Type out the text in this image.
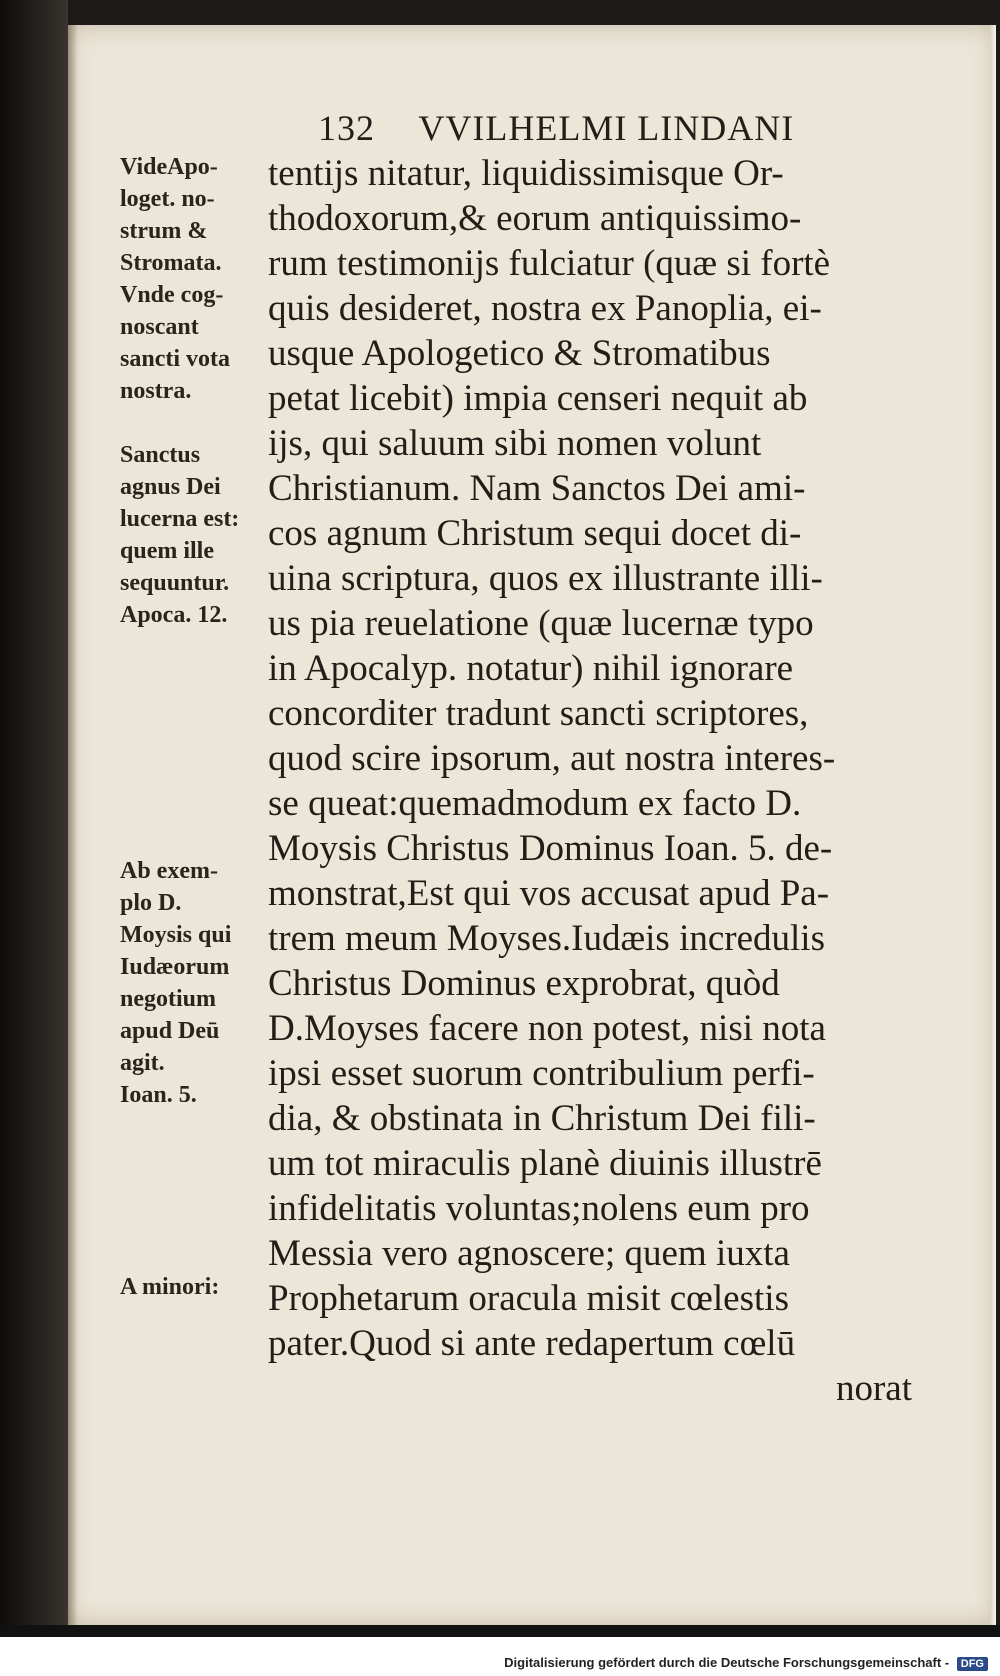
132 VVILHELMI LINDANI
VideApo-
loget. no-
strum &
Stromata.
Vnde cog-
noscant
sancti vota
nostra.
Sanctus
agnus Dei
lucerna est:
quem ille
sequuntur.
Apoca. 12.
Ab exem-
plo D.
Moysis qui
Iudæorum
negotium
apud Deū
agit.
Ioan. 5.
A minori:
tentijs nitatur, liquidissimisque Or-
thodoxorum,& eorum antiquissimo-
rum testimonijs fulciatur (quæ si fortè
quis desideret, nostra ex Panoplia, ei-
usque Apologetico & Stromatibus
petat licebit) impia censeri nequit ab
ijs, qui saluum sibi nomen volunt
Christianum. Nam Sanctos Dei ami-
cos agnum Christum sequi docet di-
uina scriptura, quos ex illustrante illi-
us pia reuelatione (quæ lucernæ typo
in Apocalyp. notatur) nihil ignorare
concorditer tradunt sancti scriptores,
quod scire ipsorum, aut nostra interes-
se queat:quemadmodum ex facto D.
Moysis Christus Dominus Ioan. 5. de-
monstrat,Est qui vos accusat apud Pa-
trem meum Moyses.Iudæis incredulis
Christus Dominus exprobrat, quòd
D.Moyses facere non potest, nisi nota
ipsi esset suorum contribulium perfi-
dia, & obstinata in Christum Dei fili-
um tot miraculis planè diuinis illustrē
infidelitatis voluntas;nolens eum pro
Messia vero agnoscere; quem iuxta
Prophetarum oracula misit cœlestis
pater.Quod si ante redapertum cœlū
norat
Digitalisierung gefördert durch die Deutsche Forschungsgemeinschaft - DFG
